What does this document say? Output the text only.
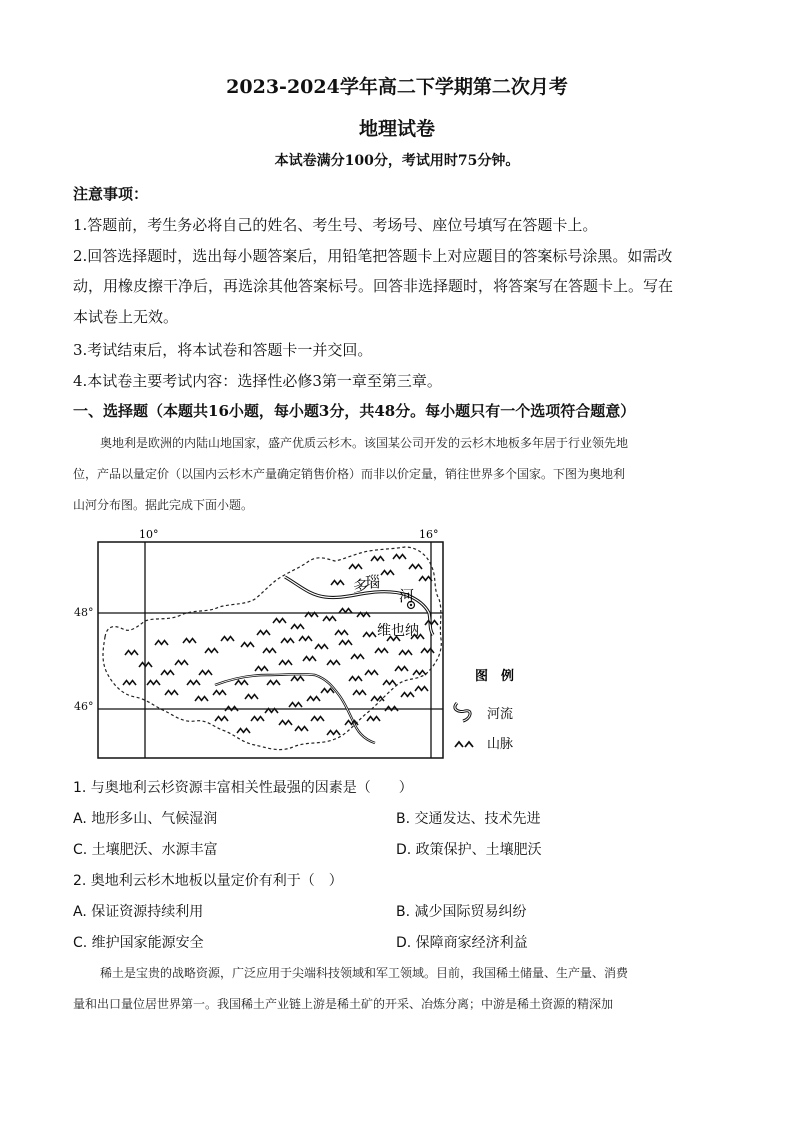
2023-2024学年高二下学期第二次月考
地理试卷
本试卷满分100分，考试用时75分钟。
注意事项：
1.答题前，考生务必将自己的姓名、考生号、考场号、座位号填写在答题卡上。
2.回答选择题时，选出每小题答案后，用铅笔把答题卡上对应题目的答案标号涂黑。如需改
动，用橡皮擦干净后，再选涂其他答案标号。回答非选择题时，将答案写在答题卡上。写在
本试卷上无效。
3.考试结束后，将本试卷和答题卡一并交回。
4.本试卷主要考试内容：选择性必修3第一章至第三章。
一、选择题（本题共16小题，每小题3分，共48分。每小题只有一个选项符合题意）
奥地利是欧洲的内陆山地国家，盛产优质云杉木。该国某公司开发的云杉木地板多年居于行业领先地
位，产品以量定价（以国内云杉木产量确定销售价格）而非以价定量，销往世界多个国家。下图为奥地利
山河分布图。据此完成下面小题。
10°	16°
多
瑙
河
维也纳
图　例
河流
山脉
48°
46°
1. 与奥地利云杉资源丰富相关性最强的因素是（　　）
A. 地形多山、气候湿润	B. 交通发达、技术先进
C. 土壤肥沃、水源丰富	D. 政策保护、土壤肥沃
2. 奥地利云杉木地板以量定价有利于（　）
A. 保证资源持续利用	B. 减少国际贸易纠纷
C. 维护国家能源安全	D. 保障商家经济利益
稀土是宝贵的战略资源，广泛应用于尖端科技领域和军工领域。目前，我国稀土储量、生产量、消费
量和出口量位居世界第一。我国稀土产业链上游是稀土矿的开采、冶炼分离；中游是稀土资源的精深加
